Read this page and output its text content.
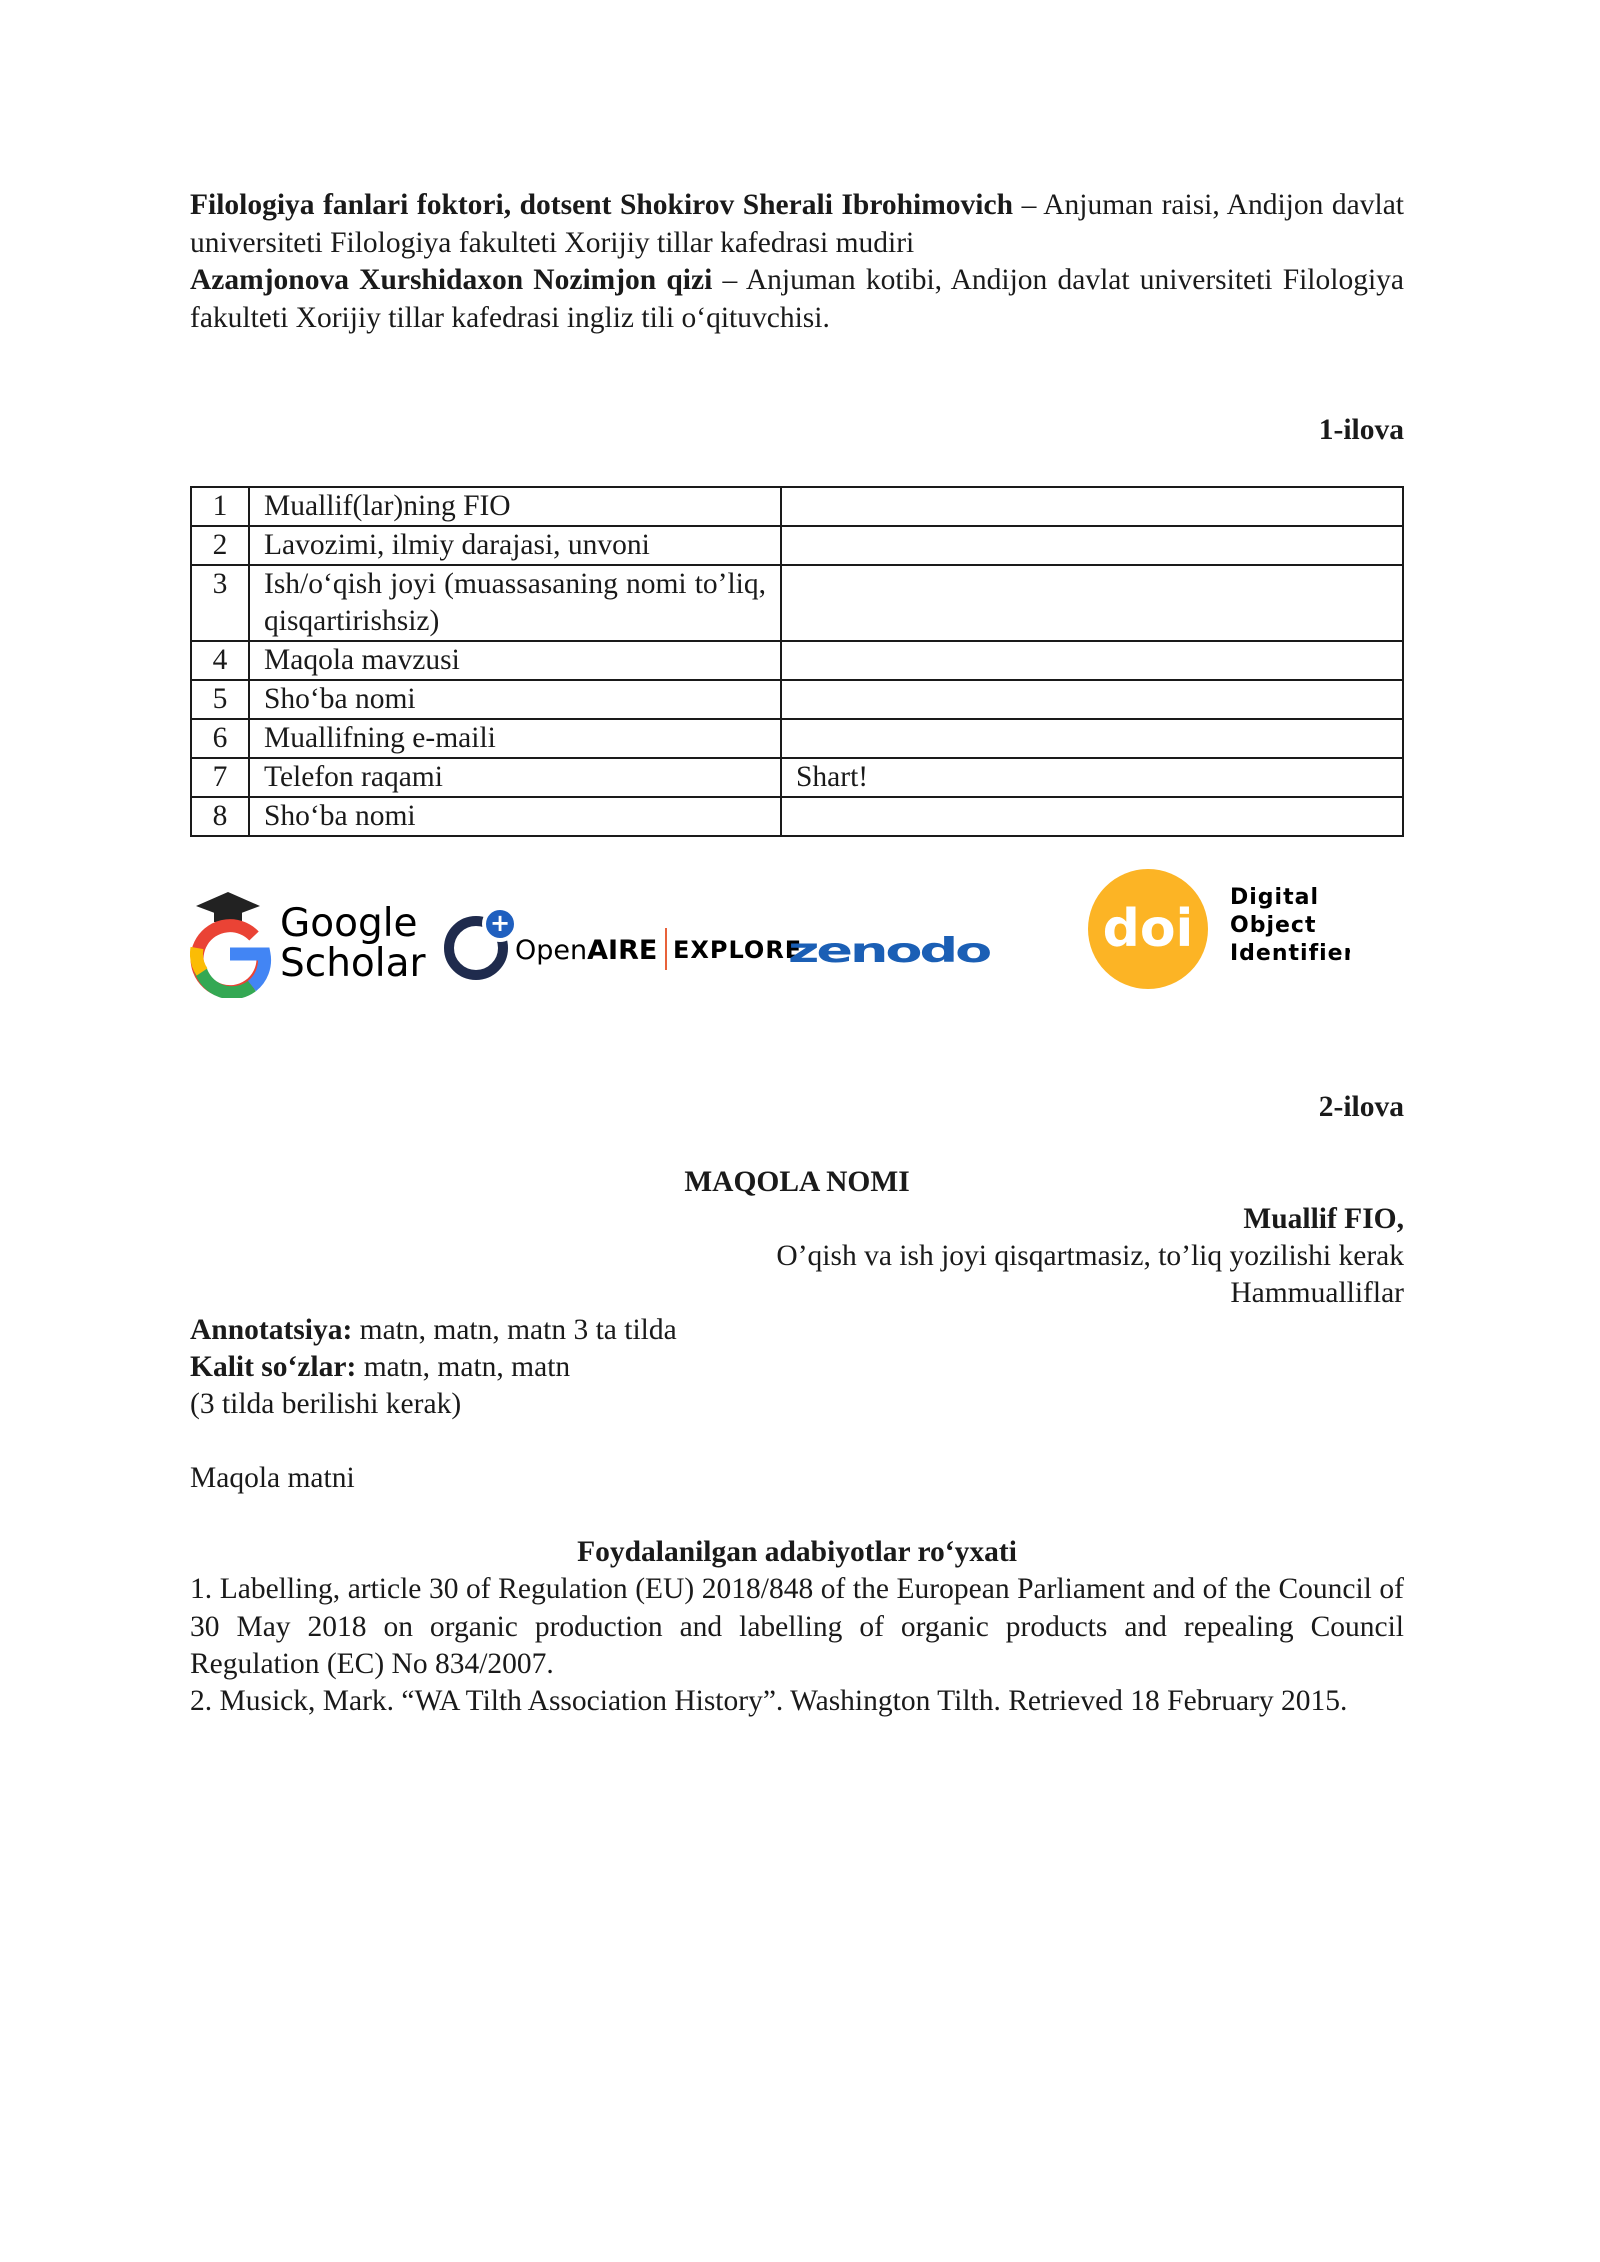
Filologiya fanlari foktori, dotsent Shokirov Sherali Ibrohimovich – Anjuman raisi, Andijon davlat universiteti Filologiya fakulteti Xorijiy tillar kafedrasi mudiri
Azamjonova Xurshidaxon Nozimjon qizi – Anjuman kotibi, Andijon davlat universiteti Filologiya fakulteti Xorijiy tillar kafedrasi ingliz tili o‘qituvchisi.
1-ilova
1	Muallif(lar)ning FIO	
2	Lavozimi, ilmiy darajasi, unvoni	
3	Ish/o‘qish joyi (muassasaning nomi to’liq, qisqartirishsiz)	
4	Maqola mavzusi	
5	Sho‘ba nomi	
6	Muallifning e-maili	
7	Telefon raqami	Shart!
8	Sho‘ba nomi	
Google
Scholar
+
OpenAIRE EXPLORE
zenodo doi
Digital
Object
Identifier
2-ilova
MAQOLA NOMI
Muallif FIO,
O’qish va ish joyi qisqartmasiz, to’liq yozilishi kerak
Hammualliflar
Annotatsiya: matn, matn, matn 3 ta tilda
Kalit so‘zlar: matn, matn, matn
(3 tilda berilishi kerak)
Maqola matni
Foydalanilgan adabiyotlar ro‘yxati
1. Labelling, article 30 of Regulation (EU) 2018/848 of the European Parliament and of the Council of 30 May 2018 on organic production and labelling of organic products and repealing Council Regulation (EC) No 834/2007.
2. Musick, Mark. “WA Tilth Association History”. Washington Tilth. Retrieved 18 February 2015.
